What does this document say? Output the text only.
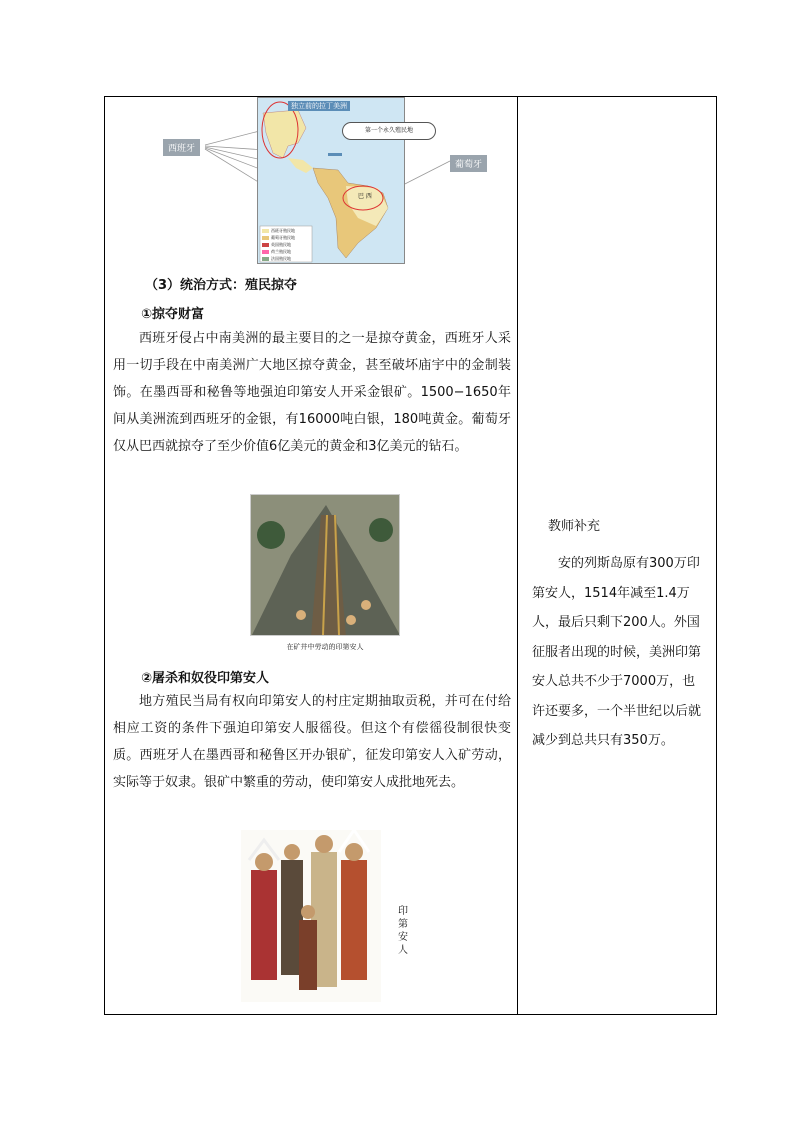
西班牙
葡萄牙
独立前的拉丁美洲
巴 西
西班牙殖民地
葡萄牙殖民地
英国殖民地
荷兰殖民地
法国殖民地
第一个永久殖民地
（3）统治方式：殖民掠夺
①掠夺财富

西班牙侵占中南美洲的最主要目的之一是掠夺黄金，西班牙人采用一切手段在中南美洲广大地区掠夺黄金，甚至破坏庙宇中的金制装饰。在墨西哥和秘鲁等地强迫印第安人开采金银矿。1500−1650年间从美洲流到西班牙的金银，有16000吨白银，180吨黄金。葡萄牙仅从巴西就掠夺了至少价值6亿美元的黄金和3亿美元的钻石。

在矿井中劳动的印第安人
②屠杀和奴役印第安人

地方殖民当局有权向印第安人的村庄定期抽取贡税，并可在付给相应工资的条件下强迫印第安人服徭役。但这个有偿徭役制很快变质。西班牙人在墨西哥和秘鲁区开办银矿，征发印第安人入矿劳动，实际等于奴隶。银矿中繁重的劳动，使印第安人成批地死去。

印第安人
教师补充
安的列斯岛原有300万印第安人，1514年减至1.4万人，最后只剩下200人。外国征服者出现的时候，美洲印第安人总共不少于7000万，也许还要多，一个半世纪以后就减少到总共只有350万。
